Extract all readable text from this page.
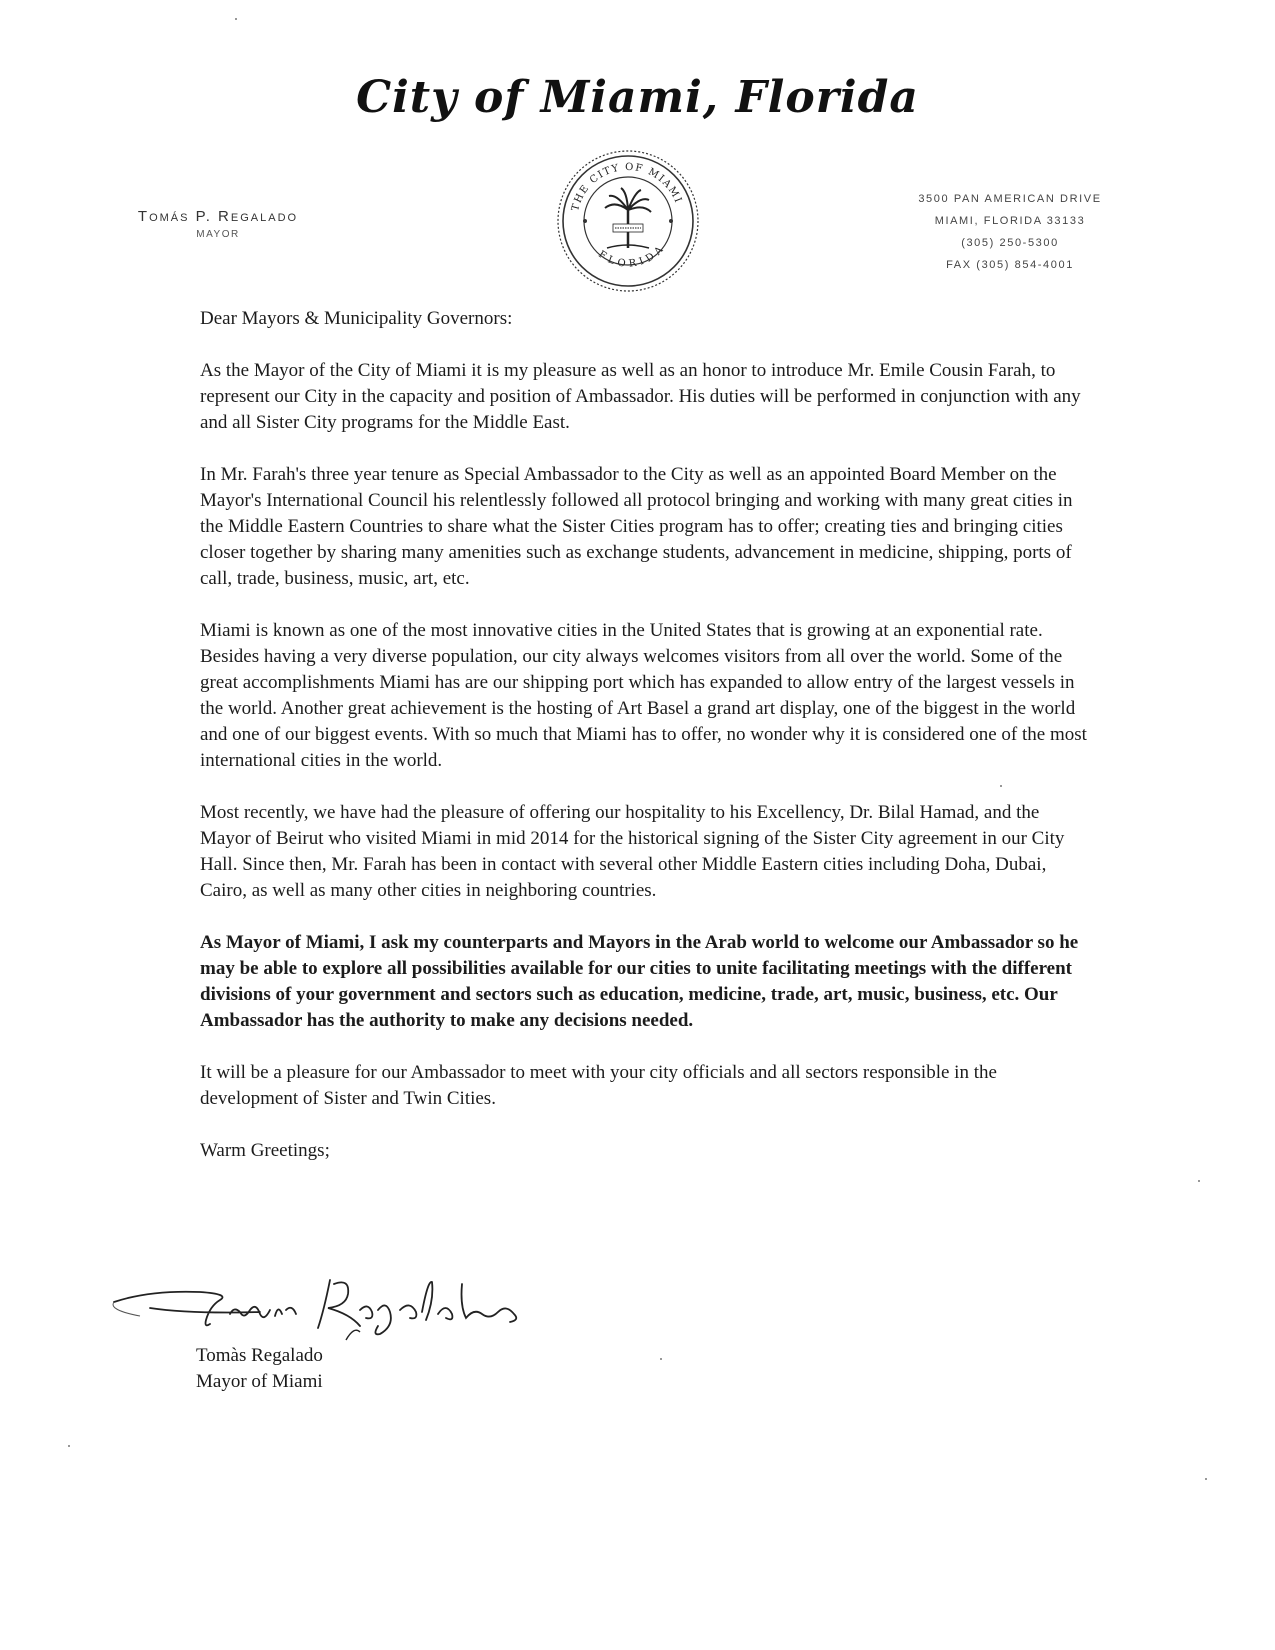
City of Miami, Florida
Tomás P. Regalado
MAYOR
THE CITY OF MIAMI
FLORIDA
3500 PAN AMERICAN DRIVE
MIAMI, FLORIDA 33133
(305) 250-5300
FAX (305) 854-4001

Dear Mayors & Municipality Governors:

As the Mayor of the City of Miami it is my pleasure as well as an honor to introduce Mr. Emile Cousin Farah, to represent our City in the capacity and position of Ambassador. His duties will be performed in conjunction with any and all Sister City programs for the Middle East.

In Mr. Farah's three year tenure as Special Ambassador to the City as well as an appointed Board Member on the Mayor's International Council his relentlessly followed all protocol bringing and working with many great cities in the Middle Eastern Countries to share what the Sister Cities program has to offer; creating ties and bringing cities closer together by sharing many amenities such as exchange students, advancement in medicine, shipping, ports of call, trade, business, music, art, etc.

Miami is known as one of the most innovative cities in the United States that is growing at an exponential rate. Besides having a very diverse population, our city always welcomes visitors from all over the world. Some of the great accomplishments Miami has are our shipping port which has expanded to allow entry of the largest vessels in the world. Another great achievement is the hosting of Art Basel a grand art display, one of the biggest in the world and one of our biggest events. With so much that Miami has to offer, no wonder why it is considered one of the most international cities in the world.

Most recently, we have had the pleasure of offering our hospitality to his Excellency, Dr. Bilal Hamad, and the Mayor of Beirut who visited Miami in mid 2014 for the historical signing of the Sister City agreement in our City Hall. Since then, Mr. Farah has been in contact with several other Middle Eastern cities including Doha, Dubai, Cairo, as well as many other cities in neighboring countries.

As Mayor of Miami, I ask my counterparts and Mayors in the Arab world to welcome our Ambassador so he may be able to explore all possibilities available for our cities to unite facilitating meetings with the different divisions of your government and sectors such as education, medicine, trade, art, music, business, etc. Our Ambassador has the authority to make any decisions needed.

It will be a pleasure for our Ambassador to meet with your city officials and all sectors responsible in the development of Sister and Twin Cities.

Warm Greetings;

Tomàs Regalado
Mayor of Miami
